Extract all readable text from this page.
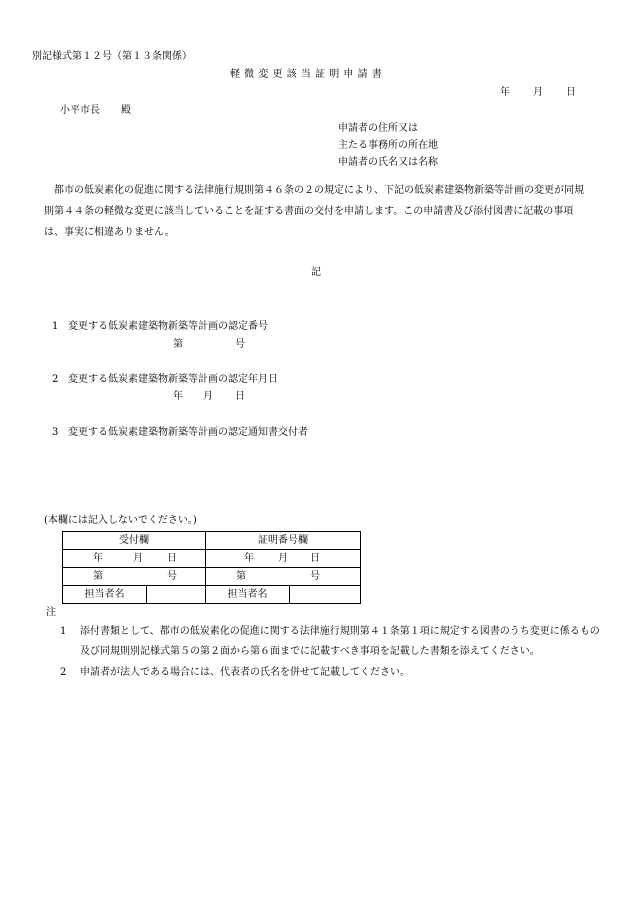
別記様式第１２号（第１３条関係）
軽 微 変 更 該 当 証 明 申 請 書
年 月 日
小平市長 殿
申請者の住所又は
主たる事務所の所在地
申請者の氏名又は名称
都市の低炭素化の促進に関する法律施行規則第４６条の２の規定により、下記の低炭素建築物新築等計画の変更が同規則第４４条の軽微な変更に該当していることを証する書面の交付を申請します。この申請書及び添付図書に記載の事項は、事実に相違ありません。
記
1 変更する低炭素建築物新築等計画の認定番号
第	号
2 変更する低炭素建築物新築等計画の認定年月日
年 月 日
3 変更する低炭素建築物新築等計画の認定通知書交付者
(本欄には記入しないでください。)
受付欄		証明番号欄	

年 月 日		年 月 日	

第 号		第 号	

担当者名		担当者名	
注
1 添付書類として、都市の低炭素化の促進に関する法律施行規則第４１条第１項に規定する図書のうち変更に係るもの及び同規則別記様式第５の第２面から第６面までに記載すべき事項を記載した書類を添えてください。
2 申請者が法人である場合には、代表者の氏名を併せて記載してください。
